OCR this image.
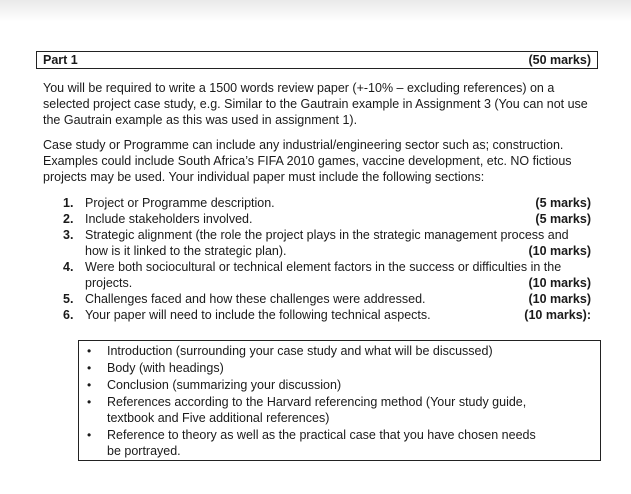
Part 1	(50 marks)

You will be required to write a 1500 words review paper (+-10% – excluding references) on a selected project case study, e.g. Similar to the Gautrain example in Assignment 3 (You can not use the Gautrain example as this was used in assignment 1).

Case study or Programme can include any industrial/engineering sector such as; construction. Examples could include South Africa’s FIFA 2010 games, vaccine development, etc. NO fictious projects may be used. Your individual paper must include the following sections:

1. Project or Programme description.	(5 marks)
2. Include stakeholders involved.	(5 marks)
3. Strategic alignment (the role the project plays in the strategic management process and how is it linked to the strategic plan).	(10 marks)
4. Were both sociocultural or technical element factors in the success or difficulties in the projects.	(10 marks)
5. Challenges faced and how these challenges were addressed.	(10 marks)
6. Your paper will need to include the following technical aspects.	(10 marks):
• Introduction (surrounding your case study and what will be discussed)
• Body (with headings)
• Conclusion (summarizing your discussion)
• References according to the Harvard referencing method (Your study guide, textbook and Five additional references)
• Reference to theory as well as the practical case that you have chosen needs be portrayed.
